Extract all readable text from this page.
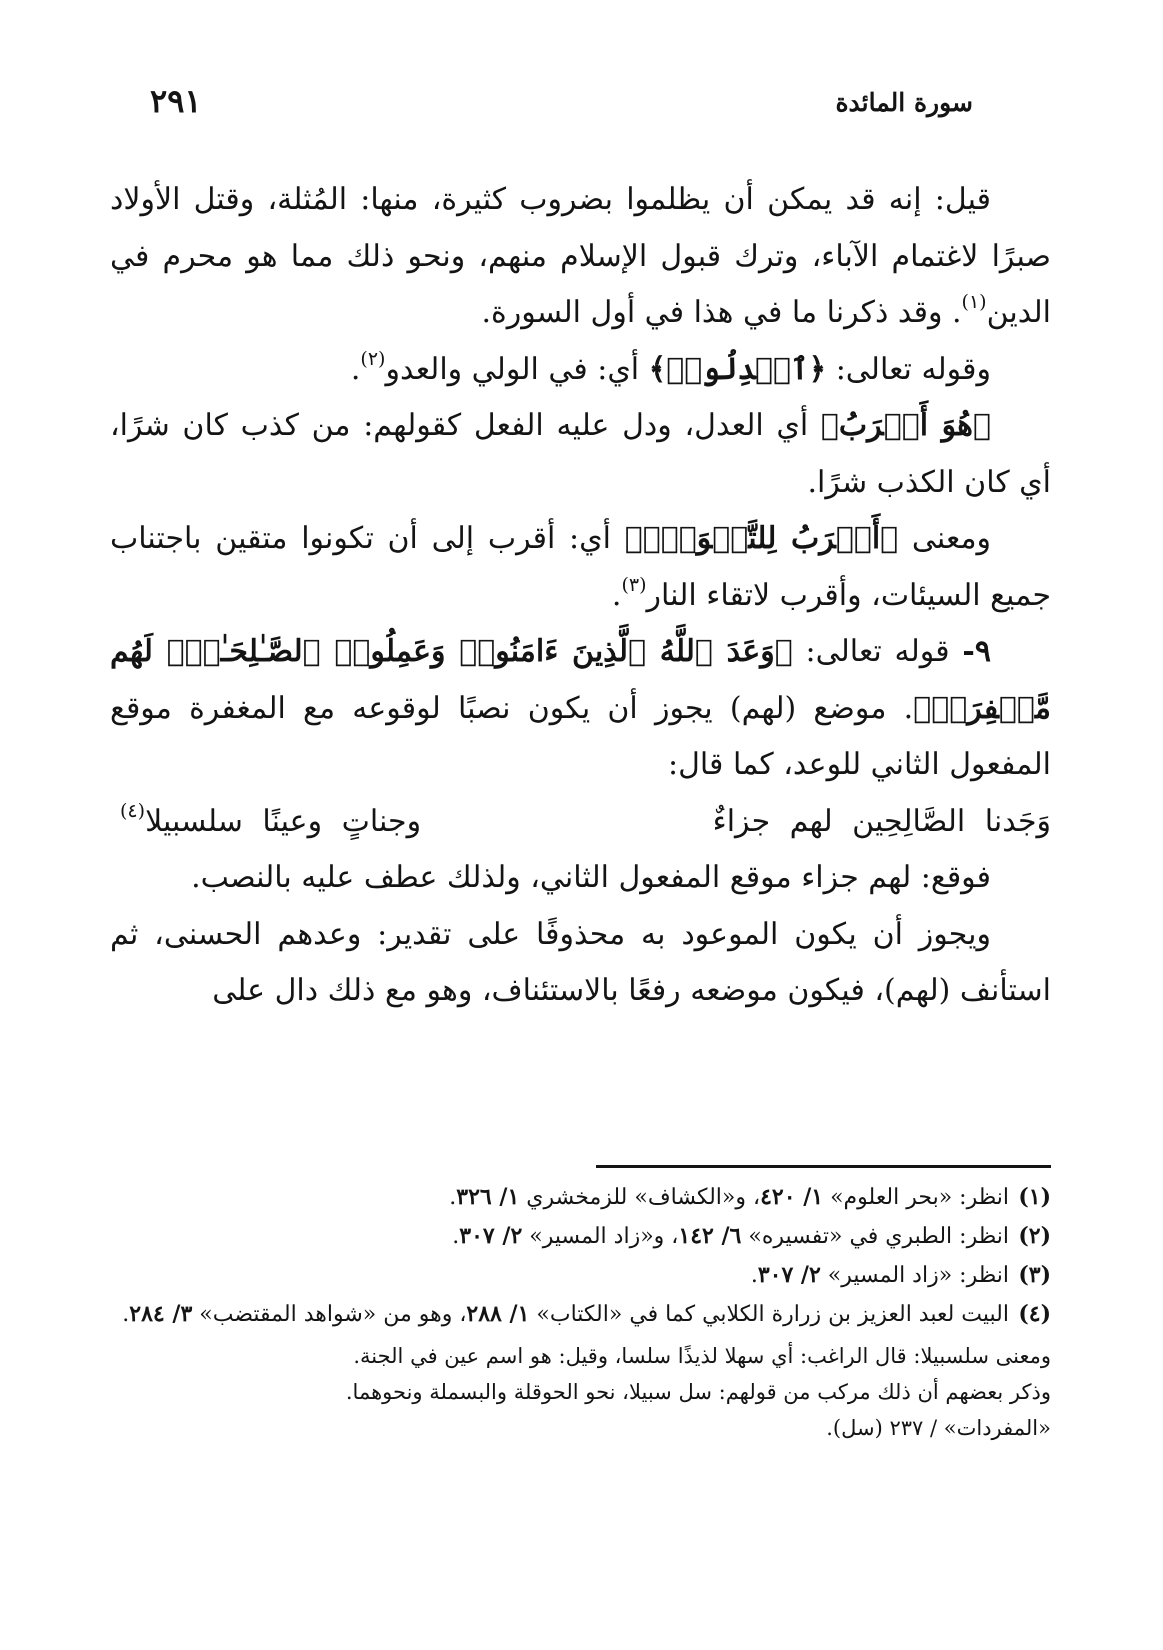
سورة المائدة
٢٩١

قيل: إنه قد يمكن أن يظلموا بضروب كثيرة، منها: المُثلة، وقتل الأولاد صبرًا لاغتمام الآباء، وترك قبول الإسلام منهم، ونحو ذلك مما هو محرم في الدين$^{(١)}$. وقد ذكرنا ما في هذا في أول السورة.

وقوله تعالى: ﴿ٱعۡدِلُوا۟﴾ أي: في الولي والعدو$^{(٢)}$.

﴿هُوَ أَقۡرَبُ﴾ أي العدل، ودل عليه الفعل كقولهم: من كذب كان شرًا، أي كان الكذب شرًا.

ومعنى ﴿أَقۡرَبُ لِلتَّقۡوَىٰۖ﴾ أي: أقرب إلى أن تكونوا متقين باجتناب جميع السيئات، وأقرب لاتقاء النار$^{(٣)}$.

٩- قوله تعالى: ﴿وَعَدَ ٱللَّهُ ٱلَّذِينَ ءَامَنُوا۟ وَعَمِلُوا۟ ٱلصَّـٰلِحَـٰتِۙ لَهُم مَّغۡفِرَةࣱ﴾. موضع (لهم) يجوز أن يكون نصبًا لوقوعه مع المغفرة موقع المفعول الثاني للوعد، كما قال:

وَجَدنا الصَّالِحِين لهم جزاءٌ
وجناتٍ وعينًا سلسبيلا$^{(٤)}$

فوقع: لهم جزاء موقع المفعول الثاني، ولذلك عطف عليه بالنصب.

ويجوز أن يكون الموعود به محذوفًا على تقدير: وعدهم الحسنى، ثم استأنف (لهم)، فيكون موضعه رفعًا بالاستئناف، وهو مع ذلك دال على

(١)
انظر: «بحر العلوم» ١/ ٤٢٠، و«الكشاف» للزمخشري ١/ ٣٢٦.
(٢)
انظر: الطبري في «تفسيره» ٦/ ١٤٢، و«زاد المسير» ٢/ ٣٠٧.
(٣)
انظر: «زاد المسير» ٢/ ٣٠٧.
(٤)
البيت لعبد العزيز بن زرارة الكلابي كما في «الكتاب» ١/ ٢٨٨، وهو من «شواهد المقتضب» ٣/ ٢٨٤.

ومعنى سلسبيلا: قال الراغب: أي سهلا لذيذًا سلسا، وقيل: هو اسم عين في الجنة.

وذكر بعضهم أن ذلك مركب من قولهم: سل سبيلا، نحو الحوقلة والبسملة ونحوهما.

«المفردات» / ٢٣٧ (سل).
